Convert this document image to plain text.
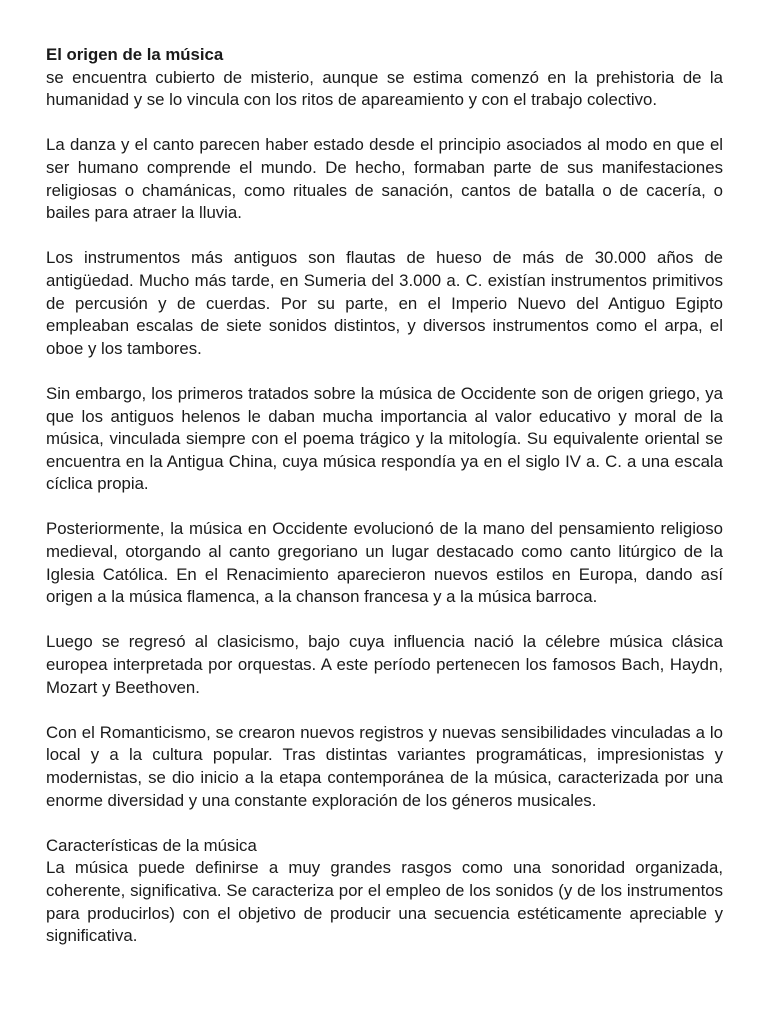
El origen de la música
se encuentra cubierto de misterio, aunque se estima comenzó en la prehistoria de la humanidad y se lo vincula con los ritos de apareamiento y con el trabajo colectivo.
La danza y el canto parecen haber estado desde el principio asociados al modo en que el ser humano comprende el mundo. De hecho, formaban parte de sus manifestaciones religiosas o chamánicas, como rituales de sanación, cantos de batalla o de cacería, o bailes para atraer la lluvia.
Los instrumentos más antiguos son flautas de hueso de más de 30.000 años de antigüedad. Mucho más tarde, en Sumeria del 3.000 a. C. existían instrumentos primitivos de percusión y de cuerdas. Por su parte, en el Imperio Nuevo del Antiguo Egipto empleaban escalas de siete sonidos distintos, y diversos instrumentos como el arpa, el oboe y los tambores.
Sin embargo, los primeros tratados sobre la música de Occidente son de origen griego, ya que los antiguos helenos le daban mucha importancia al valor educativo y moral de la música, vinculada siempre con el poema trágico y la mitología. Su equivalente oriental se encuentra en la Antigua China, cuya música respondía ya en el siglo IV a. C. a una escala cíclica propia.
Posteriormente, la música en Occidente evolucionó de la mano del pensamiento religioso medieval, otorgando al canto gregoriano un lugar destacado como canto litúrgico de la Iglesia Católica. En el Renacimiento aparecieron nuevos estilos en Europa, dando así origen a la música flamenca, a la chanson francesa y a la música barroca.
Luego se regresó al clasicismo, bajo cuya influencia nació la célebre música clásica europea interpretada por orquestas. A este período pertenecen los famosos Bach, Haydn, Mozart y Beethoven.
Con el Romanticismo, se crearon nuevos registros y nuevas sensibilidades vinculadas a lo local y a la cultura popular. Tras distintas variantes programáticas, impresionistas y modernistas, se dio inicio a la etapa contemporánea de la música, caracterizada por una enorme diversidad y una constante exploración de los géneros musicales.
Características de la música
La música puede definirse a muy grandes rasgos como una sonoridad organizada, coherente, significativa. Se caracteriza por el empleo de los sonidos (y de los instrumentos para producirlos) con el objetivo de producir una secuencia estéticamente apreciable y significativa.
